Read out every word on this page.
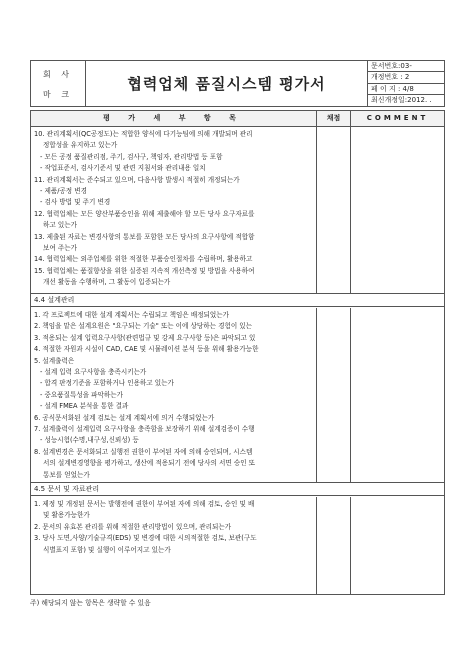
회 사
마 크
협력업체 품질시스템 평가서
문서번호:03-
개정번호 : 2
페 이 지 : 4/8
최신개정일:2012. .
평 가 세 부 항 목	채점	COMMENT
10. 관리계획서(QC공정도)는 적합한 양식에 다기능팀에 의해 개발되며 관리
정합성을 유지하고 있는가
- 모든 공정 품질관리점, 주기, 검사구, 책임자, 관리방법 등 포함
- 작업표준서, 검사기준서 및 관련 지침서와 관리내용 일치
11. 관리계획서는 준수되고 있으며, 다음사항 발생시 적절히 개정되는가
- 제품/공정 변경
- 검사 방법 및 주기 변경
12. 협력업체는 모든 양산부품승인을 위해 제출해야 할 모든 당사 요구자료를
하고 있는가
13. 제출된 자료는 변경사항의 통보를 포함한 모든 당사의 요구사항에 적합함
보여 주는가
14. 협력업체는 외주업체를 위한 적절한 부품승인절차를 수립하며, 활용하고
15. 협력업체는 품질향상을 위한 실증된 지속적 개선측정 및 방법을 사용하여
개선 활동을 수행하며, 그 활동이 입증되는가
4.4 설계관리
1. 각 프로젝트에 대한 설계 계획서는 수립되고 책임은 배정되었는가
2. 책임을 맡은 설계요원은 "요구되는 기술" 또는 이에 상당하는 경험이 있는
3. 적용되는 설계 입력요구사항(관련법규 및 강제 요구사항 등)은 파악되고 있
4. 적절한 자원과 시설이 CAD, CAE 및 시뮬레이션 분석 등을 위해 활용가능한
5. 설계출력은
- 설계 입력 요구사항을 충족시키는가
- 합격 판정기준을 포함하거나 인용하고 있는가
- 중요품질특성을 파악하는가
- 설계 FMEA 분석을 통한 결과
6. 공식문서화된 설계 검토는 설계 계획서에 의거 수행되었는가
7. 설계출력이 설계입력 요구사항을 충족함을 보장하기 위해 설계검증이 수행
- 성능시험(수명,내구성,신뢰성) 등
8. 설계변경은 문서화되고 실행전 권한이 부여된 자에 의해 승인되며, 시스템
서의 설계변경영향을 평가하고, 생산에 적용되기 전에 당사의 서면 승인 또
통보를 얻었는가
4.5 문서 및 자료관리
1. 제정 및 개정된 문서는 발행전에 권한이 부여된 자에 의해 검토, 승인 및 배
및 활용가능한가
2. 문서의 유효본 관리를 위해 적절한 관리방법이 있으며, 관리되는가
3. 당사 도면,사양/기술규격(EDS) 및 변경에 대한 시의적절한 검토, 보관(구도
식별표지 포함) 및 실행이 이루어지고 있는가
주) 해당되지 않는 항목은 생략할 수 있음
